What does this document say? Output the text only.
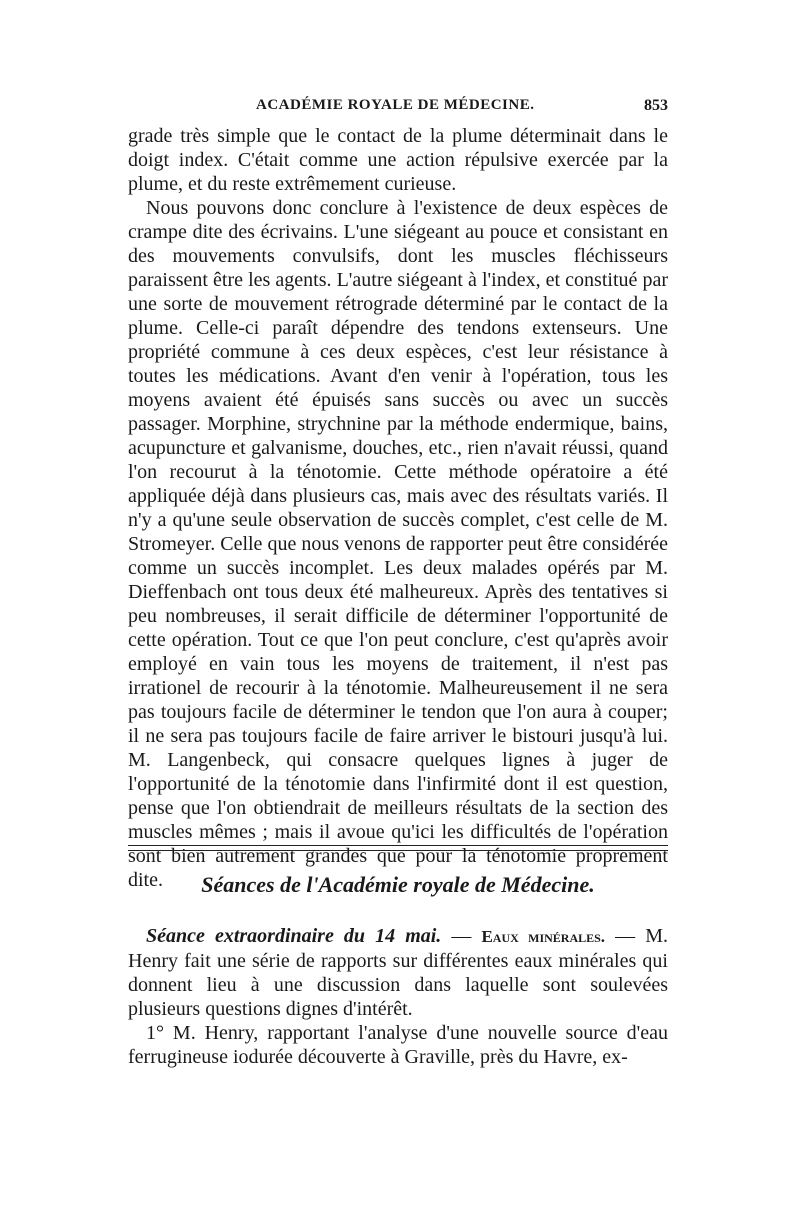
ACADÉMIE ROYALE DE MÉDECINE.	853

grade très simple que le contact de la plume déterminait dans le doigt index. C'était comme une action répulsive exercée par la plume, et du reste extrêmement curieuse.

Nous pouvons donc conclure à l'existence de deux espèces de crampe dite des écrivains. L'une siégeant au pouce et consistant en des mouvements convulsifs, dont les muscles fléchisseurs paraissent être les agents. L'autre siégeant à l'index, et constitué par une sorte de mouvement rétrograde déterminé par le contact de la plume. Celle-ci paraît dépendre des tendons extenseurs. Une propriété commune à ces deux espèces, c'est leur résistance à toutes les médications. Avant d'en venir à l'opération, tous les moyens avaient été épuisés sans succès ou avec un succès passager. Morphine, strychnine par la méthode endermique, bains, acupuncture et galvanisme, douches, etc., rien n'avait réussi, quand l'on recourut à la ténotomie. Cette méthode opératoire a été appliquée déjà dans plusieurs cas, mais avec des résultats variés. Il n'y a qu'une seule observation de succès complet, c'est celle de M. Stromeyer. Celle que nous venons de rapporter peut être considérée comme un succès incomplet. Les deux malades opérés par M. Dieffenbach ont tous deux été malheureux. Après des tentatives si peu nombreuses, il serait difficile de déterminer l'opportunité de cette opération. Tout ce que l'on peut conclure, c'est qu'après avoir employé en vain tous les moyens de traitement, il n'est pas irrationel de recourir à la ténotomie. Malheureusement il ne sera pas toujours facile de déterminer le tendon que l'on aura à couper; il ne sera pas toujours facile de faire arriver le bistouri jusqu'à lui. M. Langenbeck, qui consacre quelques lignes à juger de l'opportunité de la ténotomie dans l'infirmité dont il est question, pense que l'on obtiendrait de meilleurs résultats de la section des muscles mêmes ; mais il avoue qu'ici les difficultés de l'opération sont bien autrement grandes que pour la ténotomie proprement dite.	Séances de l'Académie royale de Médecine.

Séance extraordinaire du 14 mai. — Eaux minérales. — M. Henry fait une série de rapports sur différentes eaux minérales qui donnent lieu à une discussion dans laquelle sont soulevées plusieurs questions dignes d'intérêt.

1° M. Henry, rapportant l'analyse d'une nouvelle source d'eau ferrugineuse iodurée découverte à Graville, près du Havre, ex-
